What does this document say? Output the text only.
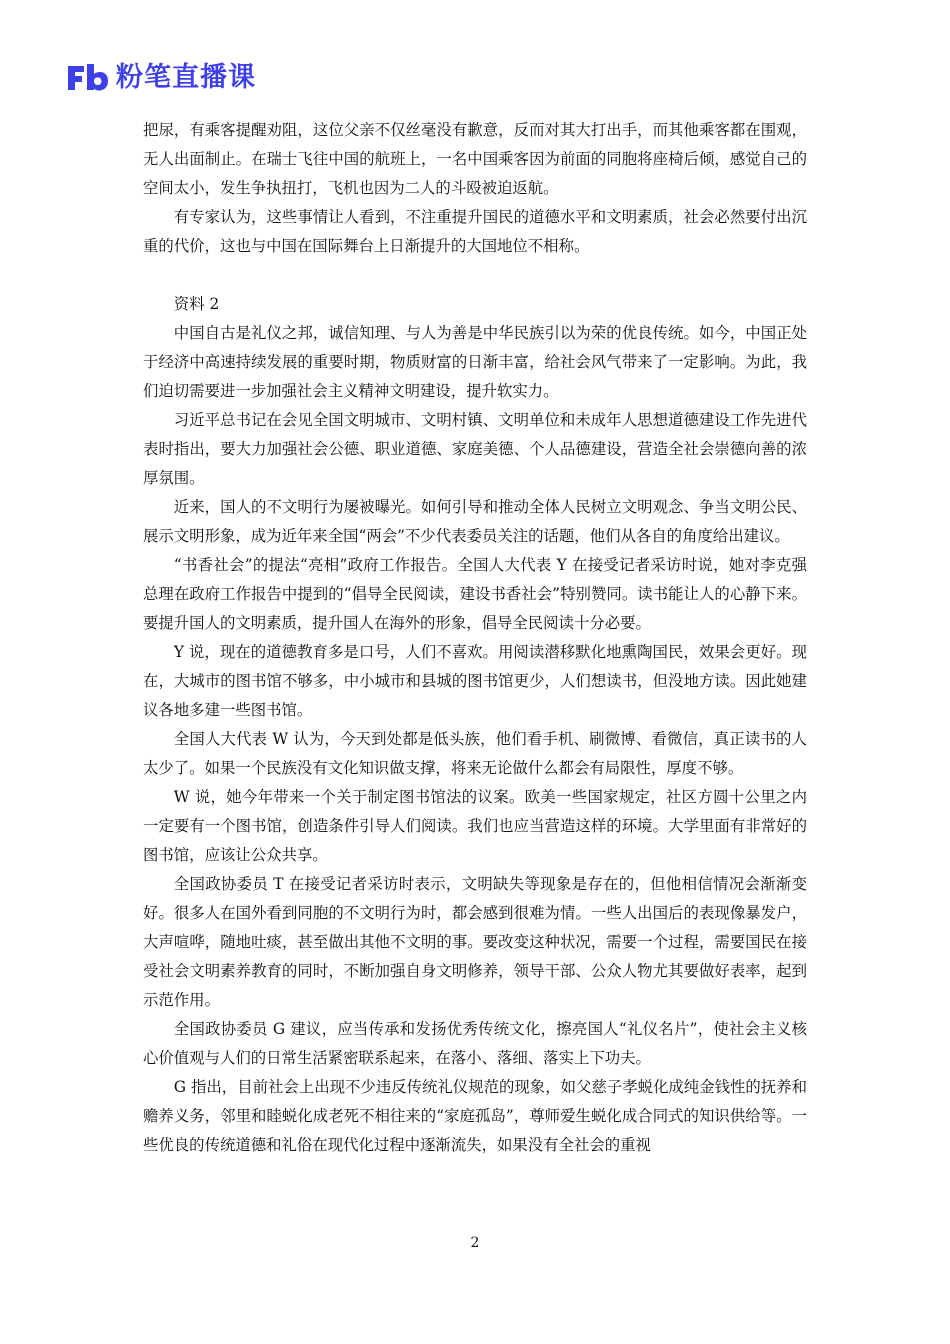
粉笔直播课

把尿，有乘客提醒劝阻，这位父亲不仅丝毫没有歉意，反而对其大打出手，而其他乘客都在围观，无人出面制止。在瑞士飞往中国的航班上，一名中国乘客因为前面的同胞将座椅后倾，感觉自己的空间太小，发生争执扭打，飞机也因为二人的斗殴被迫返航。

有专家认为，这些事情让人看到，不注重提升国民的道德水平和文明素质，社会必然要付出沉重的代价，这也与中国在国际舞台上日渐提升的大国地位不相称。

资料 2

中国自古是礼仪之邦，诚信知理、与人为善是中华民族引以为荣的优良传统。如今，中国正处于经济中高速持续发展的重要时期，物质财富的日渐丰富，给社会风气带来了一定影响。为此，我们迫切需要进一步加强社会主义精神文明建设，提升软实力。

习近平总书记在会见全国文明城市、文明村镇、文明单位和未成年人思想道德建设工作先进代表时指出，要大力加强社会公德、职业道德、家庭美德、个人品德建设，营造全社会崇德向善的浓厚氛围。

近来，国人的不文明行为屡被曝光。如何引导和推动全体人民树立文明观念、争当文明公民、展示文明形象，成为近年来全国“两会”不少代表委员关注的话题，他们从各自的角度给出建议。

“书香社会”的提法“亮相”政府工作报告。全国人大代表 Y 在接受记者采访时说，她对李克强总理在政府工作报告中提到的“倡导全民阅读，建设书香社会”特别赞同。读书能让人的心静下来。要提升国人的文明素质，提升国人在海外的形象，倡导全民阅读十分必要。

Y 说，现在的道德教育多是口号，人们不喜欢。用阅读潜移默化地熏陶国民，效果会更好。现在，大城市的图书馆不够多，中小城市和县城的图书馆更少，人们想读书，但没地方读。因此她建议各地多建一些图书馆。

全国人大代表 W 认为，今天到处都是低头族，他们看手机、刷微博、看微信，真正读书的人太少了。如果一个民族没有文化知识做支撑，将来无论做什么都会有局限性，厚度不够。

W 说，她今年带来一个关于制定图书馆法的议案。欧美一些国家规定，社区方圆十公里之内一定要有一个图书馆，创造条件引导人们阅读。我们也应当营造这样的环境。大学里面有非常好的图书馆，应该让公众共享。

全国政协委员 T 在接受记者采访时表示，文明缺失等现象是存在的，但他相信情况会渐渐变好。很多人在国外看到同胞的不文明行为时，都会感到很难为情。一些人出国后的表现像暴发户，大声喧哗，随地吐痰，甚至做出其他不文明的事。要改变这种状况，需要一个过程，需要国民在接受社会文明素养教育的同时，不断加强自身文明修养，领导干部、公众人物尤其要做好表率，起到示范作用。

全国政协委员 G 建议，应当传承和发扬优秀传统文化，擦亮国人“礼仪名片”，使社会主义核心价值观与人们的日常生活紧密联系起来，在落小、落细、落实上下功夫。

G 指出，目前社会上出现不少违反传统礼仪规范的现象，如父慈子孝蜕化成纯金钱性的抚养和赡养义务，邻里和睦蜕化成老死不相往来的“家庭孤岛”，尊师爱生蜕化成合同式的知识供给等。一些优良的传统道德和礼俗在现代化过程中逐渐流失，如果没有全社会的重视

2
